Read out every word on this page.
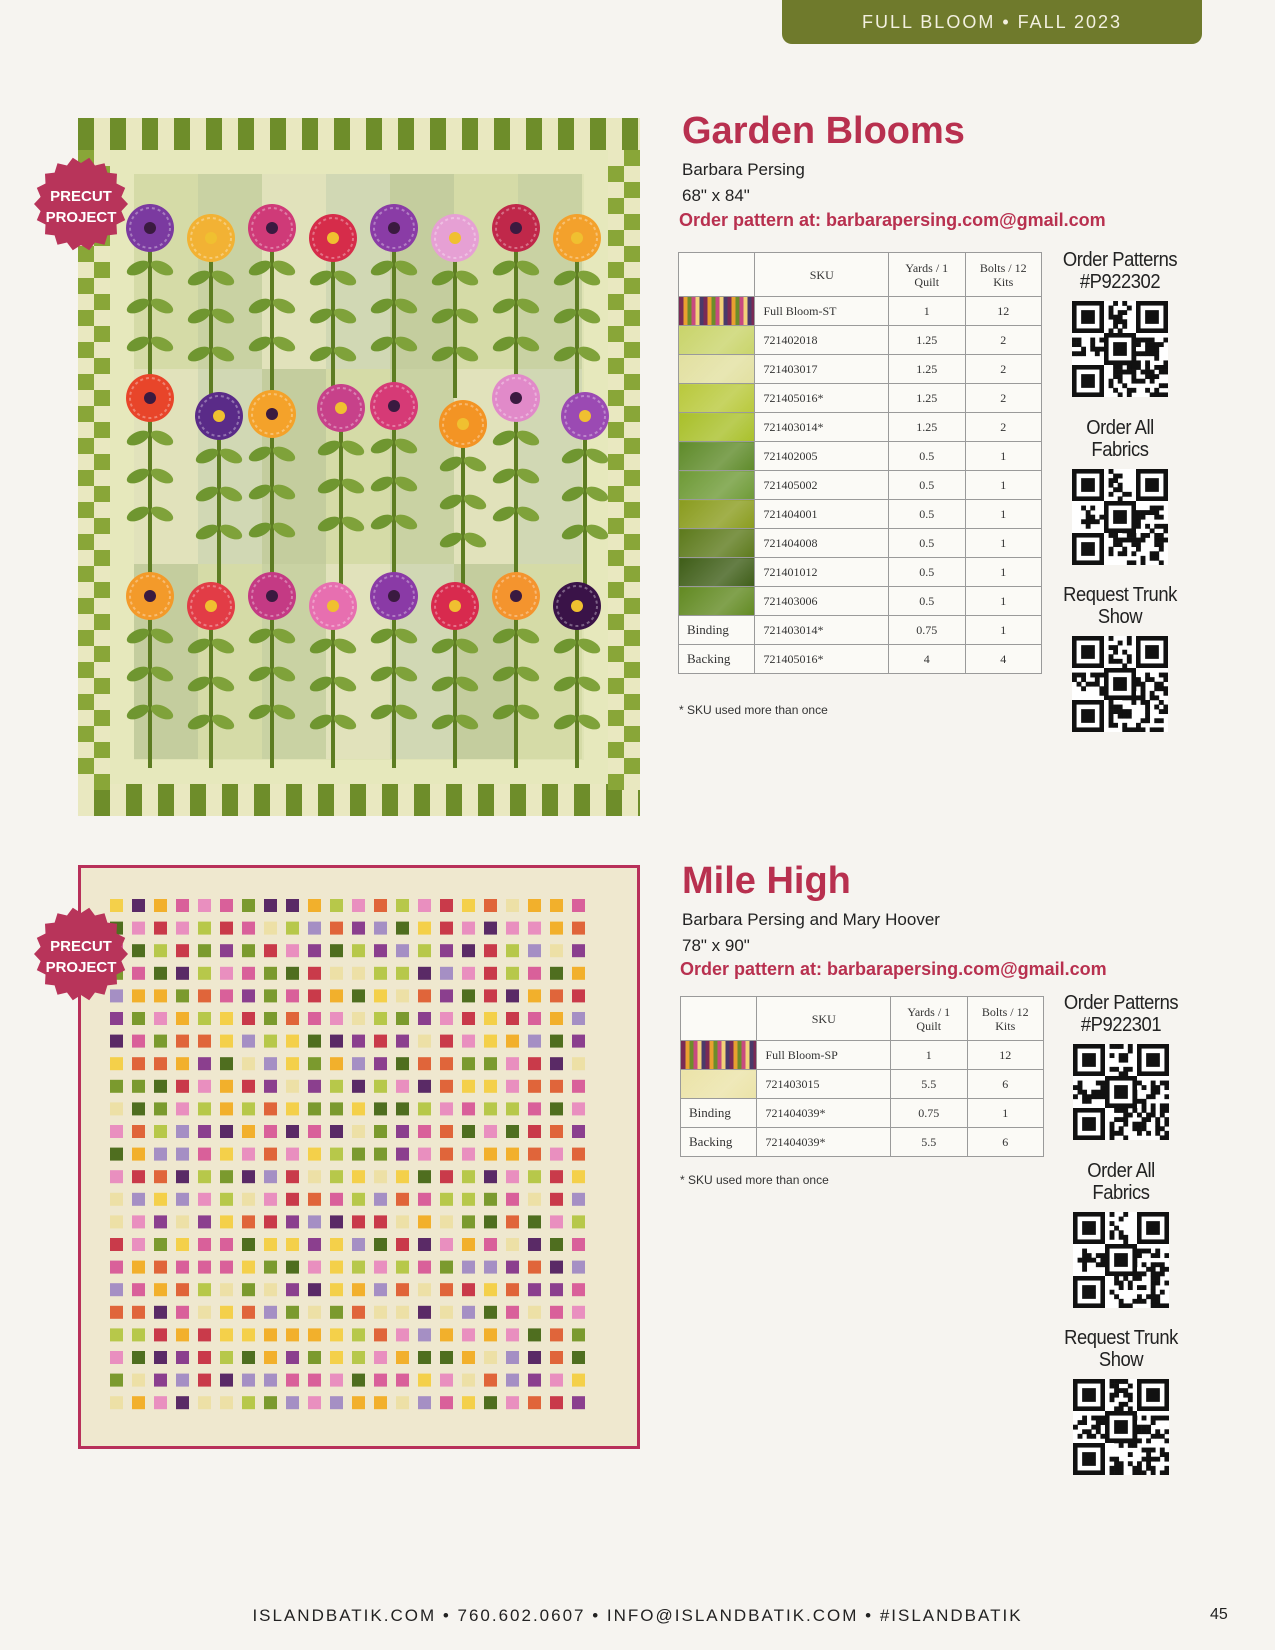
FULL BLOOM • FALL 2023
PRECUT
PROJECT
Garden Blooms
Barbara Persing
68" x 84"
Order pattern at: barbarapersing.com@gmail.com
	SKU	Yards / 1 Quilt	Bolts / 12 Kits
	Full Bloom-ST	1	12
	721402018	1.25	2
	721403017	1.25	2
	721405016*	1.25	2
	721403014*	1.25	2
	721402005	0.5	1
	721405002	0.5	1
	721404001	0.5	1
	721404008	0.5	1
	721401012	0.5	1
	721403006	0.5	1
Binding	721403014*	0.75	1
Backing	721405016*	4	4
* SKU used more than once
Order Patterns
#P922302
Order All
Fabrics
Request Trunk
Show
PRECUT
PROJECT
Mile High
Barbara Persing and Mary Hoover
78" x 90"
Order pattern at: barbarapersing.com@gmail.com
	SKU	Yards / 1 Quilt	Bolts / 12 Kits
	Full Bloom-SP	1	12
	721403015	5.5	6
Binding	721404039*	0.75	1
Backing	721404039*	5.5	6
* SKU used more than once
Order Patterns
#P922301
Order All
Fabrics
Request Trunk
Show
ISLANDBATIK.COM • 760.602.0607 • INFO@ISLANDBATIK.COM • #ISLANDBATIK	45
